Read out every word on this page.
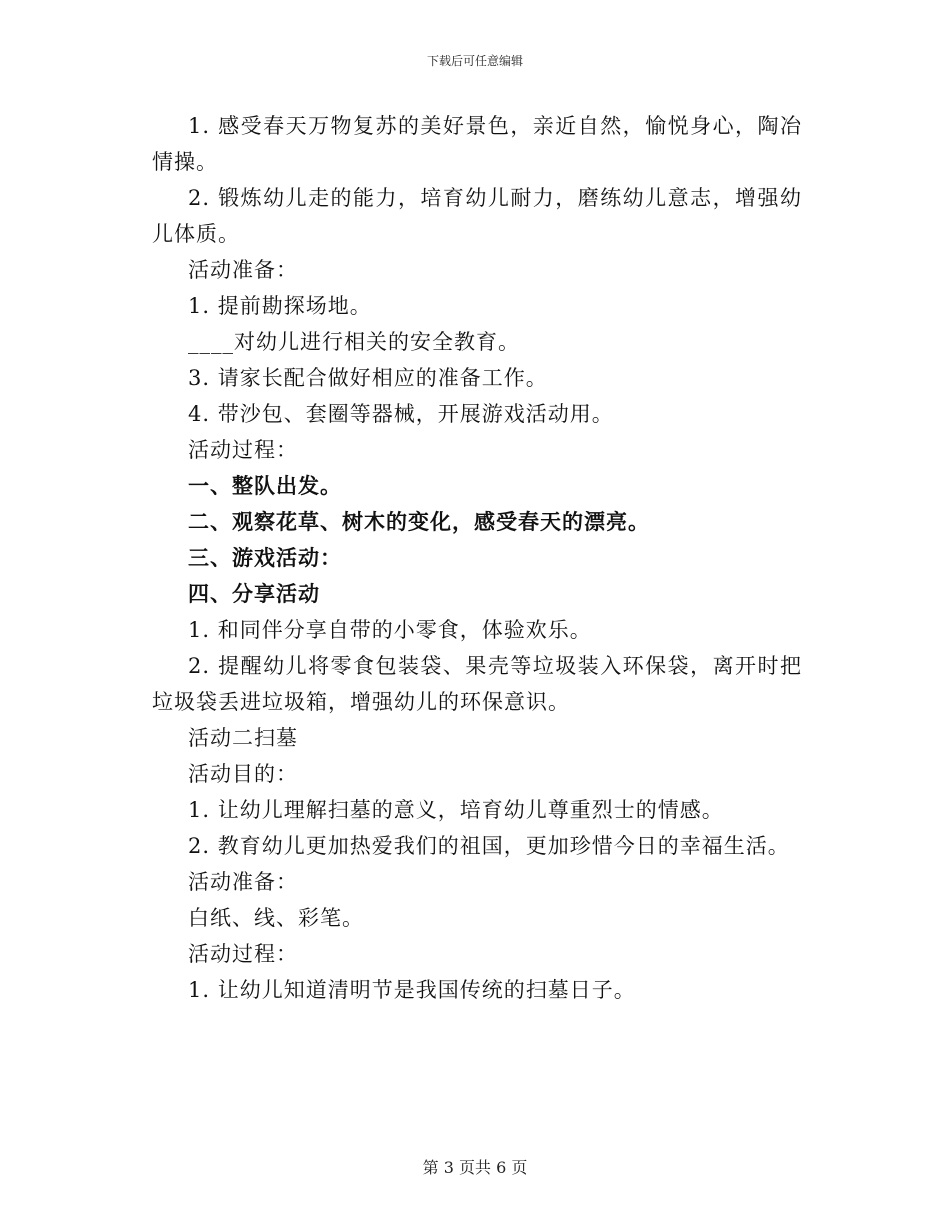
下载后可任意编辑

1. 感受春天万物复苏的美好景色，亲近自然，愉悦身心，陶冶情操。

2. 锻炼幼儿走的能力，培育幼儿耐力，磨练幼儿意志，增强幼儿体质。

活动准备：

1. 提前勘探场地。

____对幼儿进行相关的安全教育。

3. 请家长配合做好相应的准备工作。

4. 带沙包、套圈等器械，开展游戏活动用。

活动过程：

一、整队出发。

二、观察花草、树木的变化，感受春天的漂亮。

三、游戏活动：

四、分享活动

1. 和同伴分享自带的小零食，体验欢乐。

2. 提醒幼儿将零食包装袋、果壳等垃圾装入环保袋，离开时把垃圾袋丢进垃圾箱，增强幼儿的环保意识。

活动二扫墓

活动目的：

1. 让幼儿理解扫墓的意义，培育幼儿尊重烈士的情感。

2. 教育幼儿更加热爱我们的祖国，更加珍惜今日的幸福生活。

活动准备：

白纸、线、彩笔。

活动过程：

1. 让幼儿知道清明节是我国传统的扫墓日子。

第 3 页共 6 页
